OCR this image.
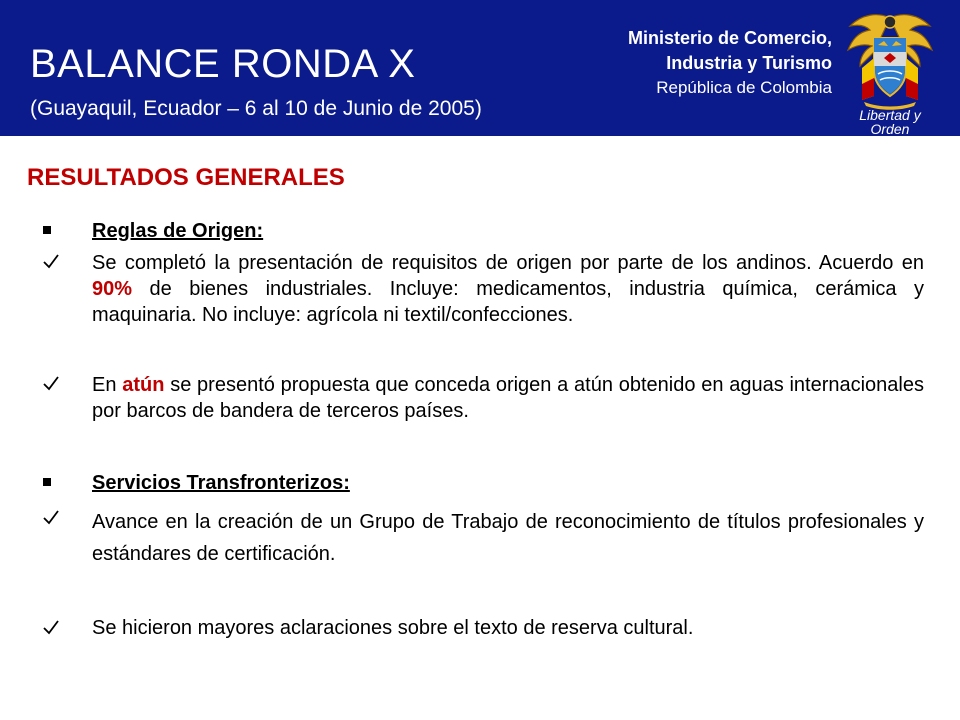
BALANCE RONDA X
(Guayaquil, Ecuador – 6 al 10 de Junio de 2005)
Ministerio de Comercio,
Industria y Turismo
República de Colombia
Libertad y Orden
RESULTADOS GENERALES
Reglas de Origen:
Se completó la presentación de requisitos de origen por parte de los andinos. Acuerdo en 90% de bienes industriales. Incluye: medicamentos, industria química, cerámica y maquinaria. No incluye: agrícola ni textil/confecciones.
En atún se presentó propuesta que conceda origen a atún obtenido en aguas internacionales por barcos de bandera de terceros países.
Servicios Transfronterizos:
Avance en la creación de un Grupo de Trabajo de reconocimiento de títulos profesionales y estándares de certificación.
Se hicieron mayores aclaraciones sobre el texto de reserva cultural.
